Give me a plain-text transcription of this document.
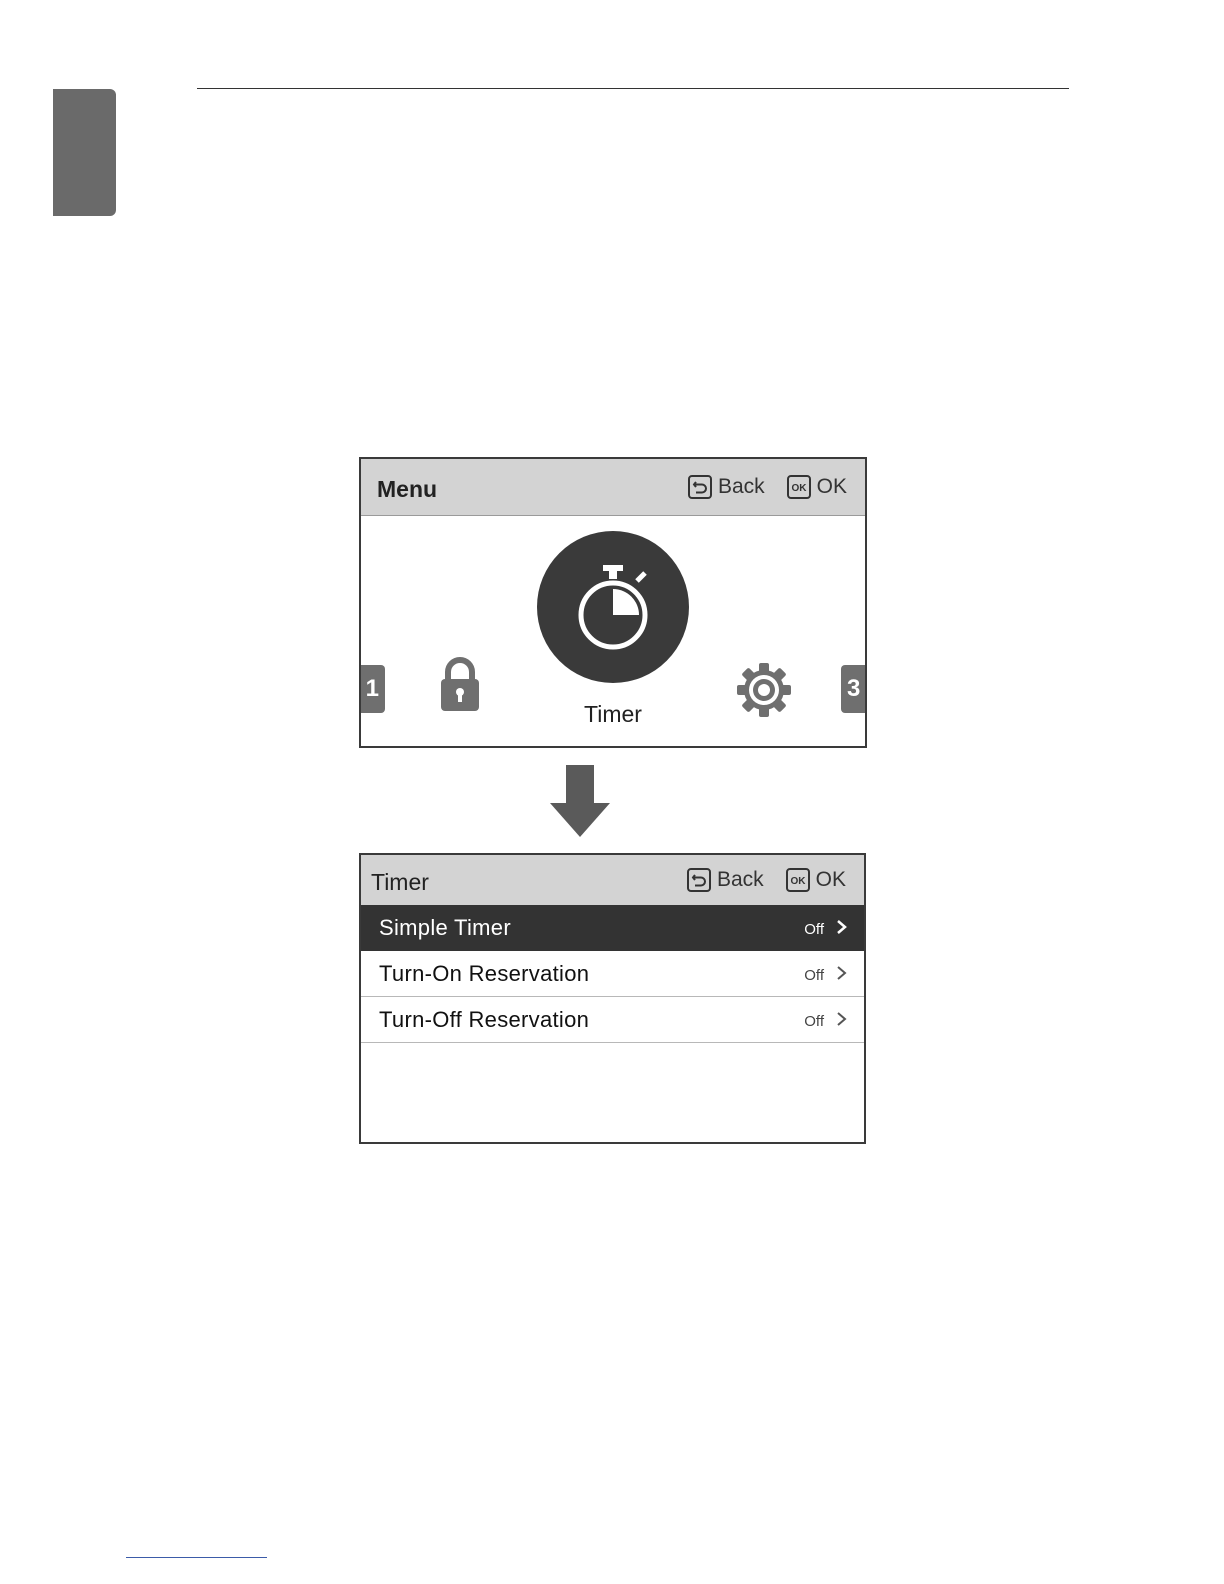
Menu	Back	OK OK
1	3
Timer
Timer	Back	OK OK
Simple Timer	Off
Turn-On Reservation	Off
Turn-Off Reservation	Off
